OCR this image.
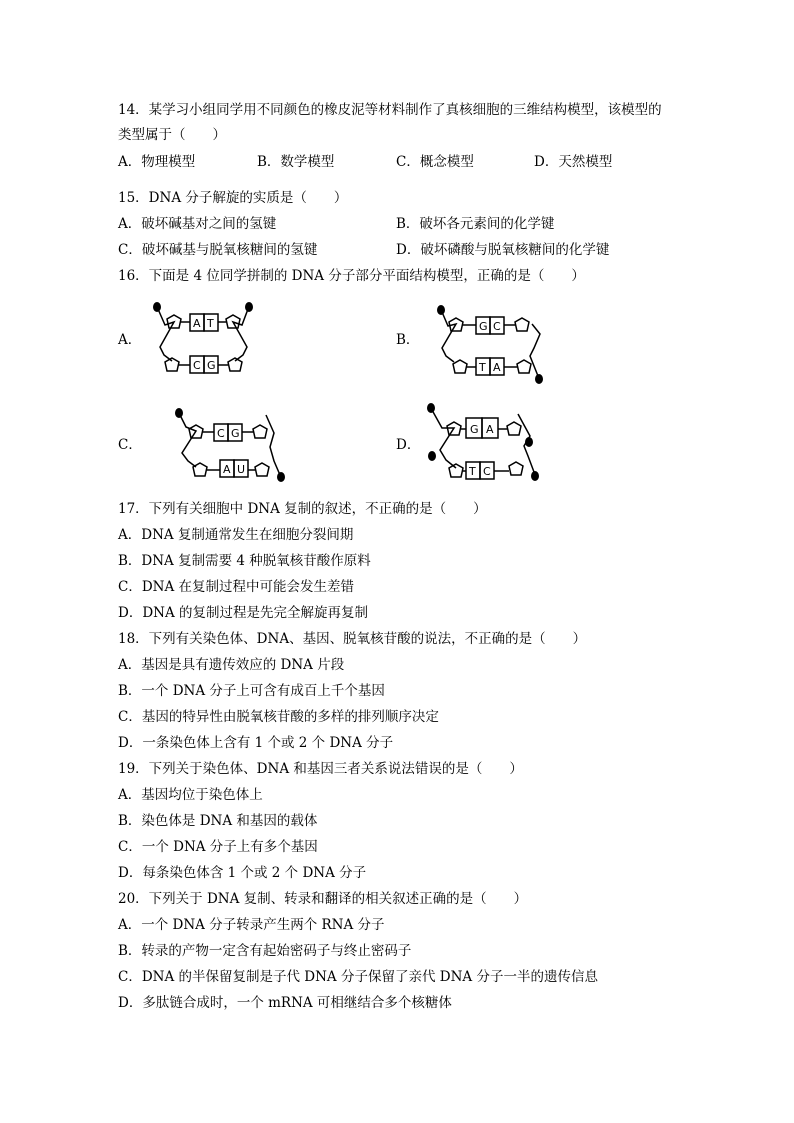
14．某学习小组同学用不同颜色的橡皮泥等材料制作了真核细胞的三维结构模型，该模型的
类型属于（　　）
A．物理模型	B．数学模型	C．概念模型	D．天然模型
15．DNA 分子解旋的实质是（　　）
A．破坏碱基对之间的氢键	B．破坏各元素间的化学键
C．破坏碱基与脱氧核糖间的氢键	D．破坏磷酸与脱氧核糖间的化学键
16．下面是 4 位同学拼制的 DNA 分子部分平面结构模型，正确的是（　　）
A．	B．
C．	D．
A T
C G
G C
T A
C G
A U
G A
T C
17．下列有关细胞中 DNA 复制的叙述，不正确的是（　　）
A．DNA 复制通常发生在细胞分裂间期
B．DNA 复制需要 4 种脱氧核苷酸作原料
C．DNA 在复制过程中可能会发生差错
D．DNA 的复制过程是先完全解旋再复制
18．下列有关染色体、DNA、基因、脱氧核苷酸的说法，不正确的是（　　）
A．基因是具有遗传效应的 DNA 片段
B．一个 DNA 分子上可含有成百上千个基因
C．基因的特异性由脱氧核苷酸的多样的排列顺序决定
D．一条染色体上含有 1 个或 2 个 DNA 分子
19．下列关于染色体、DNA 和基因三者关系说法错误的是（　　）
A．基因均位于染色体上
B．染色体是 DNA 和基因的载体
C．一个 DNA 分子上有多个基因
D．每条染色体含 1 个或 2 个 DNA 分子
20．下列关于 DNA 复制、转录和翻译的相关叙述正确的是（　　）
A．一个 DNA 分子转录产生两个 RNA 分子
B．转录的产物一定含有起始密码子与终止密码子
C．DNA 的半保留复制是子代 DNA 分子保留了亲代 DNA 分子一半的遗传信息
D．多肽链合成时，一个 mRNA 可相继结合多个核糖体
